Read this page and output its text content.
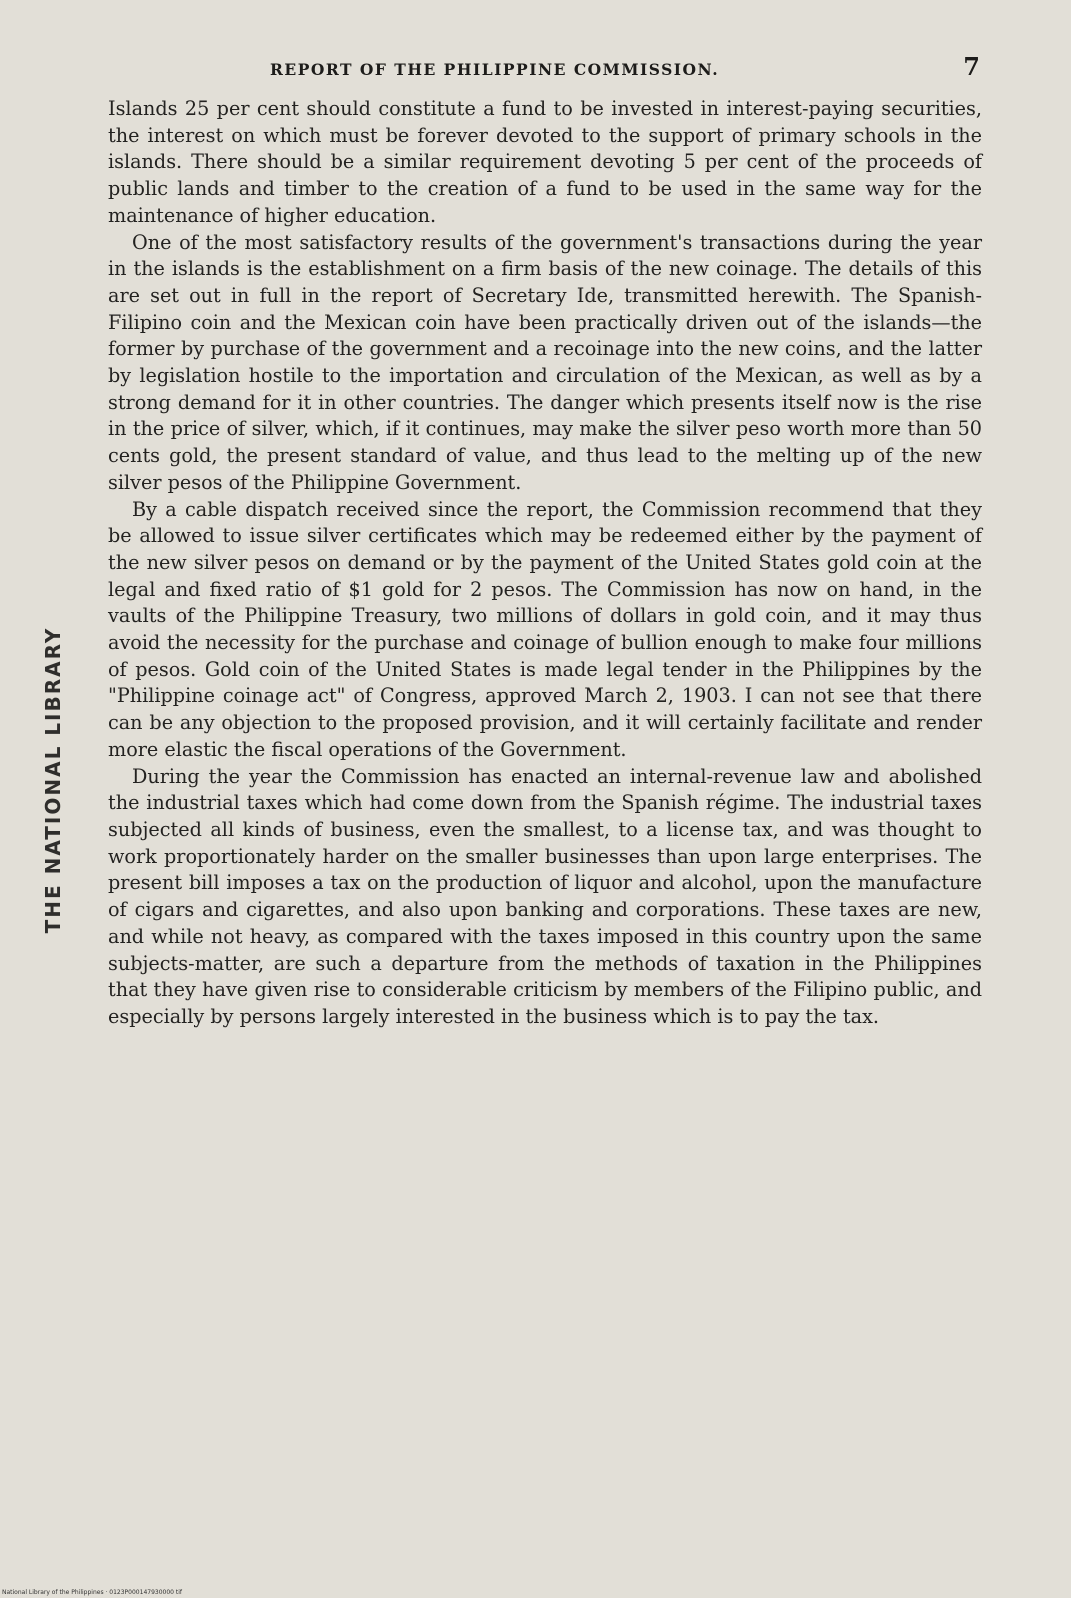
REPORT OF THE PHILIPPINE COMMISSION.	7
THE NATIONAL LIBRARY

Islands 25 per cent should constitute a fund to be invested in interest-paying securities, the interest on which must be forever devoted to the support of primary schools in the islands. There should be a similar requirement devoting 5 per cent of the proceeds of public lands and timber to the creation of a fund to be used in the same way for the maintenance of higher education.

One of the most satisfactory results of the government's transactions during the year in the islands is the establishment on a firm basis of the new coinage. The details of this are set out in full in the report of Secretary Ide, transmitted herewith. The Spanish-Filipino coin and the Mexican coin have been practically driven out of the islands—the former by purchase of the government and a recoinage into the new coins, and the latter by legislation hostile to the importation and circulation of the Mexican, as well as by a strong demand for it in other countries. The danger which presents itself now is the rise in the price of silver, which, if it continues, may make the silver peso worth more than 50 cents gold, the present standard of value, and thus lead to the melting up of the new silver pesos of the Philippine Government.

By a cable dispatch received since the report, the Commission recommend that they be allowed to issue silver certificates which may be redeemed either by the payment of the new silver pesos on demand or by the payment of the United States gold coin at the legal and fixed ratio of $1 gold for 2 pesos. The Commission has now on hand, in the vaults of the Philippine Treasury, two millions of dollars in gold coin, and it may thus avoid the necessity for the purchase and coinage of bullion enough to make four millions of pesos. Gold coin of the United States is made legal tender in the Philippines by the "Philippine coinage act" of Congress, approved March 2, 1903. I can not see that there can be any objection to the proposed provision, and it will certainly facilitate and render more elastic the fiscal operations of the Government.

During the year the Commission has enacted an internal-revenue law and abolished the industrial taxes which had come down from the Spanish régime. The industrial taxes subjected all kinds of business, even the smallest, to a license tax, and was thought to work proportionately harder on the smaller businesses than upon large enterprises. The present bill imposes a tax on the production of liquor and alcohol, upon the manufacture of cigars and cigarettes, and also upon banking and corporations. These taxes are new, and while not heavy, as compared with the taxes imposed in this country upon the same subjects-matter, are such a departure from the methods of taxation in the Philippines that they have given rise to considerable criticism by members of the Filipino public, and especially by persons largely interested in the business which is to pay the tax.

National Library of the Philippines · 0123P000147930000 tif
